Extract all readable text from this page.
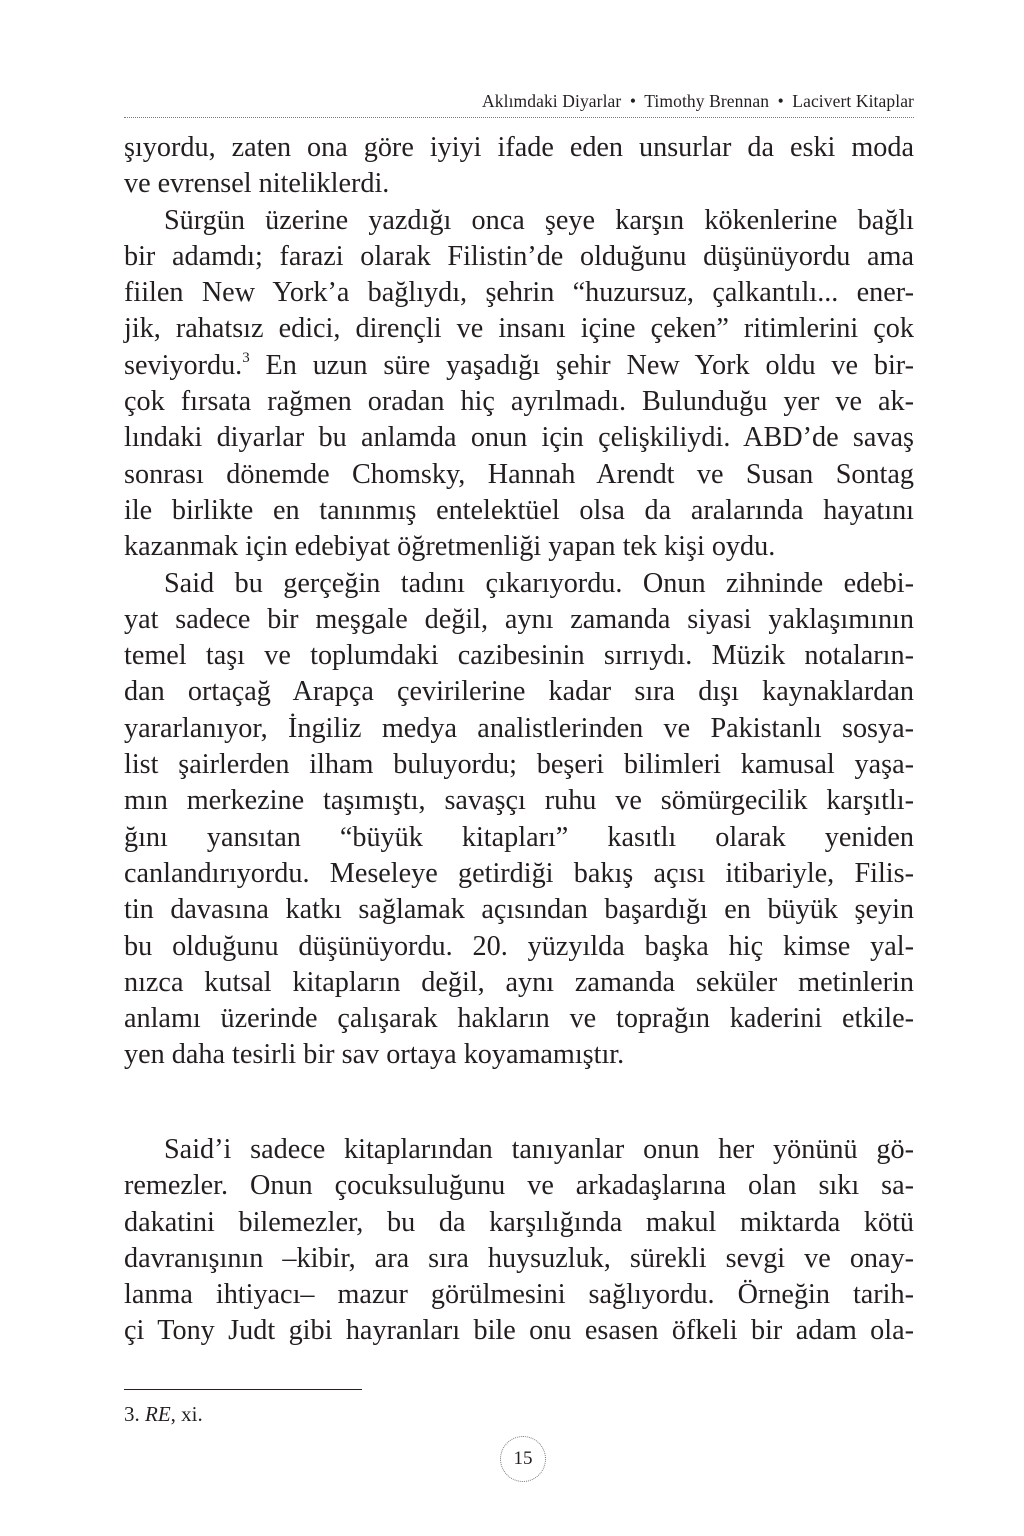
Aklımdaki Diyarlar • Timothy Brennan • Lacivert Kitaplar
şıyordu, zaten ona göre iyiyi ifade eden unsurlar da eski moda
ve evrensel niteliklerdi.
Sürgün üzerine yazdığı onca şeye karşın kökenlerine bağlı
bir adamdı; farazi olarak Filistin’de olduğunu düşünüyordu ama
fiilen New York’a bağlıydı, şehrin “huzursuz, çalkantılı... ener-
jik, rahatsız edici, dirençli ve insanı içine çeken” ritimlerini çok
seviyordu.$^3$ En uzun süre yaşadığı şehir New York oldu ve bir-
çok fırsata rağmen oradan hiç ayrılmadı. Bulunduğu yer ve ak-
lındaki diyarlar bu anlamda onun için çelişkiliydi. ABD’de savaş
sonrası dönemde Chomsky, Hannah Arendt ve Susan Sontag
ile birlikte en tanınmış entelektüel olsa da aralarında hayatını
kazanmak için edebiyat öğretmenliği yapan tek kişi oydu.
Said bu gerçeğin tadını çıkarıyordu. Onun zihninde edebi-
yat sadece bir meşgale değil, aynı zamanda siyasi yaklaşımının
temel taşı ve toplumdaki cazibesinin sırrıydı. Müzik notaların-
dan ortaçağ Arapça çevirilerine kadar sıra dışı kaynaklardan
yararlanıyor, İngiliz medya analistlerinden ve Pakistanlı sosya-
list şairlerden ilham buluyordu; beşeri bilimleri kamusal yaşa-
mın merkezine taşımıştı, savaşçı ruhu ve sömürgecilik karşıtlı-
ğını yansıtan “büyük kitapları” kasıtlı olarak yeniden
canlandırıyordu. Meseleye getirdiği bakış açısı itibariyle, Filis-
tin davasına katkı sağlamak açısından başardığı en büyük şeyin
bu olduğunu düşünüyordu. 20. yüzyılda başka hiç kimse yal-
nızca kutsal kitapların değil, aynı zamanda seküler metinlerin
anlamı üzerinde çalışarak hakların ve toprağın kaderini etkile-
yen daha tesirli bir sav ortaya koyamamıştır.
Said’i sadece kitaplarından tanıyanlar onun her yönünü gö-
remezler. Onun çocuksuluğunu ve arkadaşlarına olan sıkı sa-
dakatini bilemezler, bu da karşılığında makul miktarda kötü
davranışının –kibir, ara sıra huysuzluk, sürekli sevgi ve onay-
lanma ihtiyacı– mazur görülmesini sağlıyordu. Örneğin tarih-
çi Tony Judt gibi hayranları bile onu esasen öfkeli bir adam ola-
3. RE, xi.
15
